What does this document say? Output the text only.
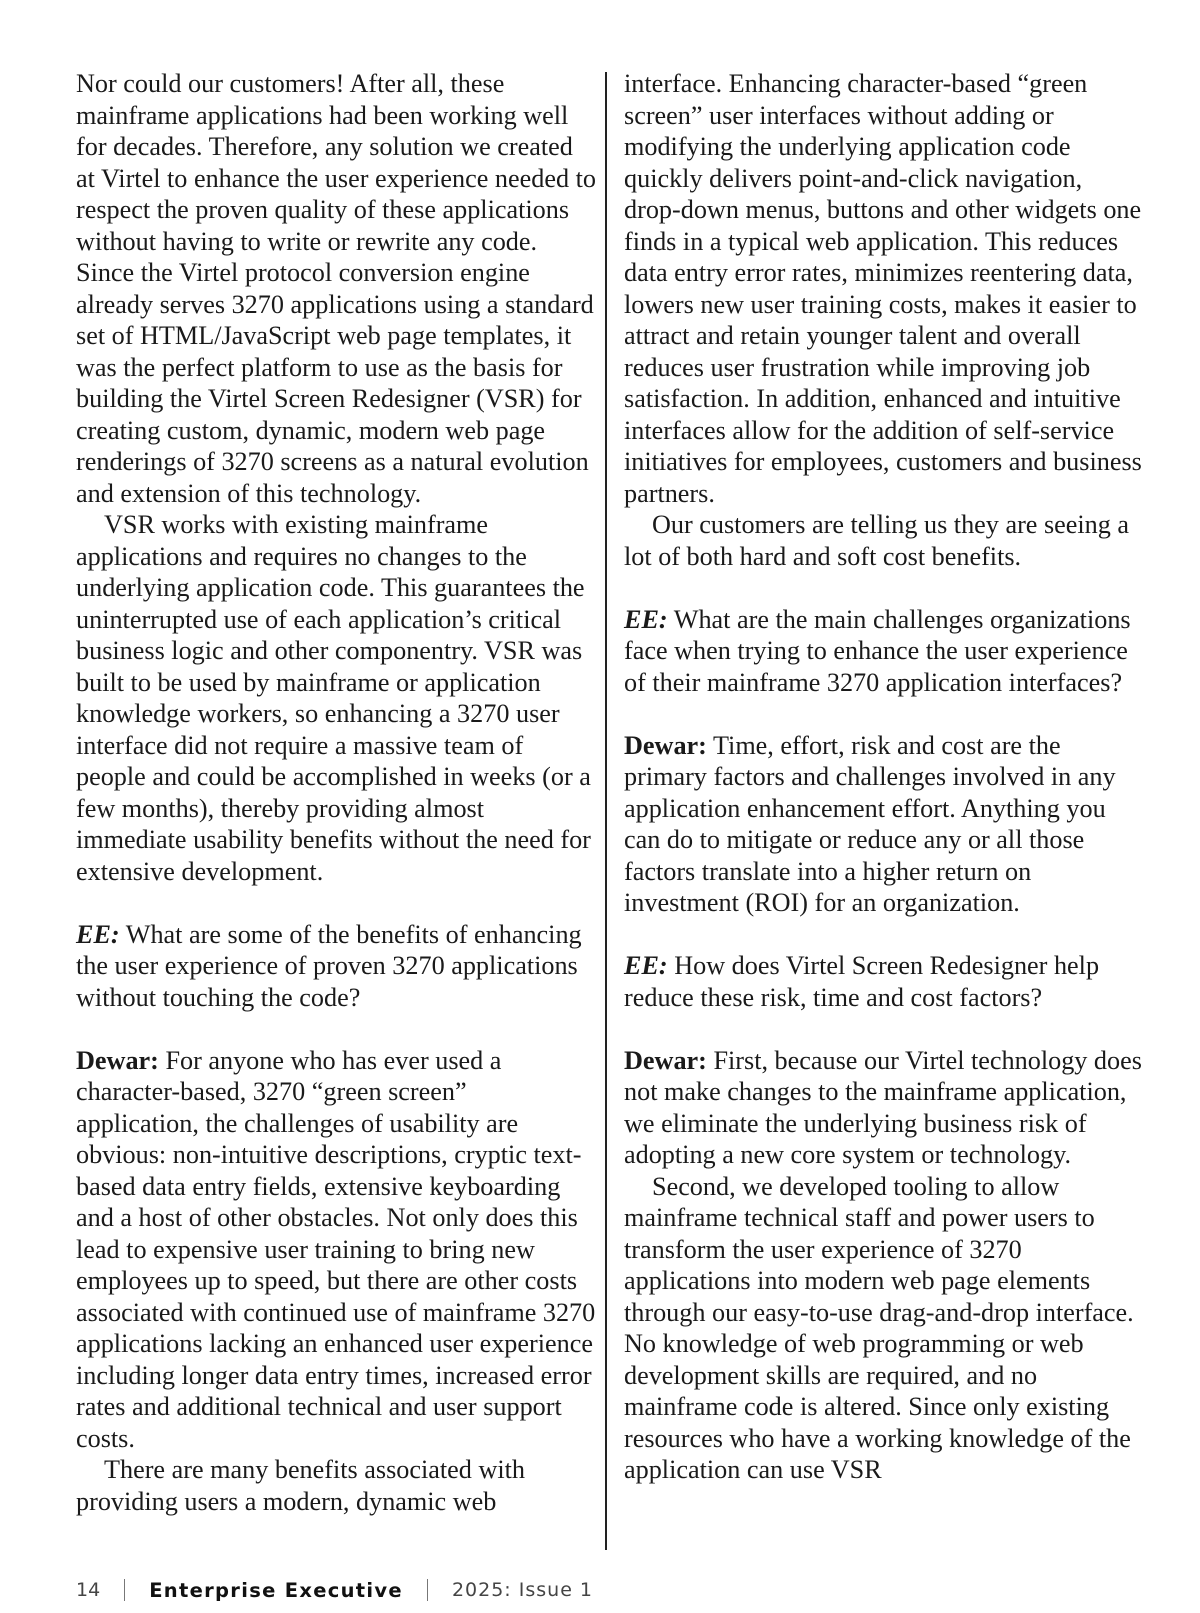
Nor could our customers! After all, these mainframe applications had been working well for decades. Therefore, any solution we created at Virtel to enhance the user experience needed to respect the proven quality of these applications without having to write or rewrite any code. Since the Virtel protocol conversion engine already serves 3270 applications using a standard set of HTML/JavaScript web page templates, it was the perfect platform to use as the basis for building the Virtel Screen Redesigner (VSR) for creating custom, dynamic, modern web page renderings of 3270 screens as a natural evolution and extension of this technology.

VSR works with existing mainframe applications and requires no changes to the underlying application code. This guarantees the uninterrupted use of each application’s critical business logic and other componentry. VSR was built to be used by mainframe or application knowledge workers, so enhancing a 3270 user interface did not require a massive team of people and could be accomplished in weeks (or a few months), thereby providing almost immediate usability benefits without the need for extensive development.

EE: What are some of the benefits of enhancing the user experience of proven 3270 applications without touching the code?

Dewar: For anyone who has ever used a character-based, 3270 “green screen” application, the challenges of usability are obvious: non-intuitive descriptions, cryptic text-based data entry fields, extensive keyboarding and a host of other obstacles. Not only does this lead to expensive user training to bring new employees up to speed, but there are other costs associated with continued use of mainframe 3270 applications lacking an enhanced user experience including longer data entry times, increased error rates and additional technical and user support costs.

There are many benefits associated with providing users a modern, dynamic web

interface. Enhancing character-based “green screen” user interfaces without adding or modifying the underlying application code quickly delivers point-and-click navigation, drop-down menus, buttons and other widgets one finds in a typical web application. This reduces data entry error rates, minimizes reentering data, lowers new user training costs, makes it easier to attract and retain younger talent and overall reduces user frustration while improving job satisfaction. In addition, enhanced and intuitive interfaces allow for the addition of self-service initiatives for employees, customers and business partners.

Our customers are telling us they are seeing a lot of both hard and soft cost benefits.

EE: What are the main challenges organizations face when trying to enhance the user experience of their mainframe 3270 application interfaces?

Dewar: Time, effort, risk and cost are the primary factors and challenges involved in any application enhancement effort. Anything you can do to mitigate or reduce any or all those factors translate into a higher return on investment (ROI) for an organization.

EE: How does Virtel Screen Redesigner help reduce these risk, time and cost factors?

Dewar: First, because our Virtel technology does not make changes to the mainframe application, we eliminate the underlying business risk of adopting a new core system or technology.

Second, we developed tooling to allow mainframe technical staff and power users to transform the user experience of 3270 applications into modern web page elements through our easy-to-use drag-and-drop interface. No knowledge of web programming or web development skills are required, and no mainframe code is altered. Since only existing resources who have a working knowledge of the application can use VSR

14	Enterprise Executive	2025: Issue 1
